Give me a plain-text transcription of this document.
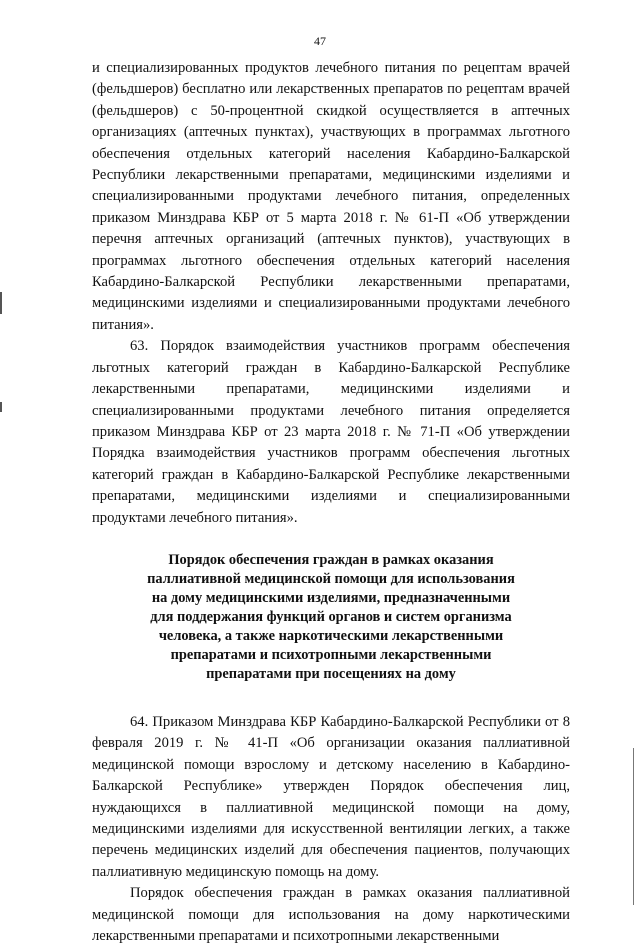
47

и специализированных продуктов лечебного питания по рецептам врачей (фельдшеров) бесплатно или лекарственных препаратов по рецептам врачей (фельдшеров) с 50-процентной скидкой осуществляется в аптечных организациях (аптечных пунктах), участвующих в программах льготного обеспечения отдельных категорий населения Кабардино-Балкарской Республики лекарственными препаратами, медицинскими изделиями и специализированными продуктами лечебного питания, определенных приказом Минздрава КБР от 5 марта 2018 г. № 61-П «Об утверждении перечня аптечных организаций (аптечных пунктов), участвующих в программах льготного обеспечения отдельных категорий населения Кабардино-Балкарской Республики лекарственными препаратами, медицинскими изделиями и специализированными продуктами лечебного питания».

63. Порядок взаимодействия участников программ обеспечения льготных категорий граждан в Кабардино-Балкарской Республике лекарственными препаратами, медицинскими изделиями и специализированными продуктами лечебного питания определяется приказом Минздрава КБР от 23 марта 2018 г. № 71-П «Об утверждении Порядка взаимодействия участников программ обеспечения льготных категорий граждан в Кабардино-Балкарской Республике лекарственными препаратами, медицинскими изделиями и специализированными продуктами лечебного питания».

Порядок обеспечения граждан в рамках оказания
паллиативной медицинской помощи для использования
на дому медицинскими изделиями, предназначенными
для поддержания функций органов и систем организма
человека, а также наркотическими лекарственными
препаратами и психотропными лекарственными
препаратами при посещениях на дому

64. Приказом Минздрава КБР Кабардино-Балкарской Республики от 8 февраля 2019 г. № 41-П «Об организации оказания паллиативной медицинской помощи взрослому и детскому населению в Кабардино-Балкарской Республике» утвержден Порядок обеспечения лиц, нуждающихся в паллиативной медицинской помощи на дому, медицинскими изделиями для искусственной вентиляции легких, а также перечень медицинских изделий для обеспечения пациентов, получающих паллиативную медицинскую помощь на дому.

Порядок обеспечения граждан в рамках оказания паллиативной медицинской помощи для использования на дому наркотическими лекарственными препаратами и психотропными лекарственными
